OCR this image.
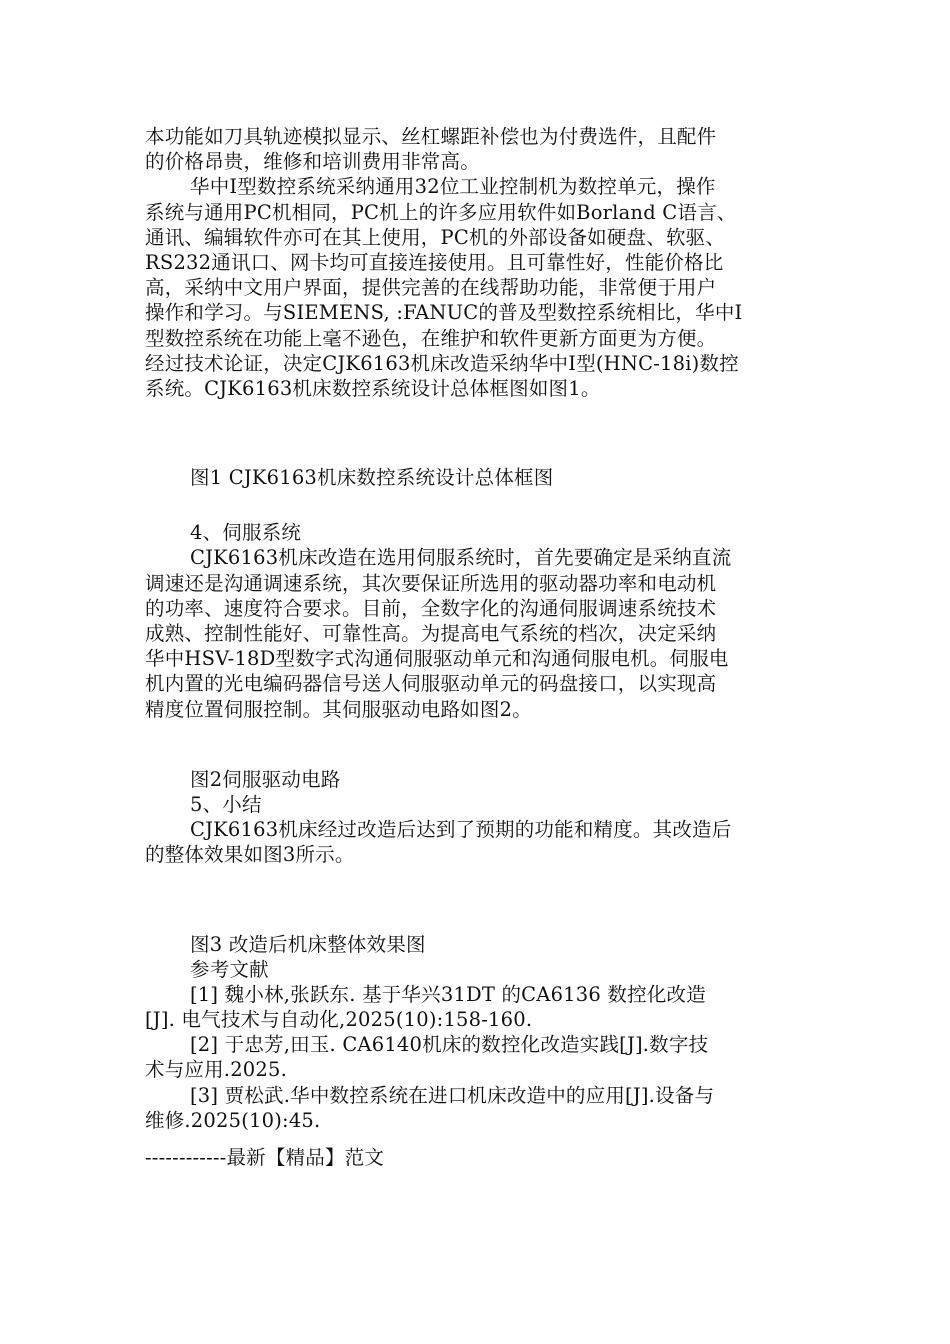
本功能如刀具轨迹模拟显示、丝杠螺距补偿也为付费选件，且配件
的价格昂贵，维修和培训费用非常高。
华中Ⅰ型数控系统采纳通用32位工业控制机为数控单元，操作
系统与通用PC机相同，PC机上的许多应用软件如Borland C语言、
通讯、编辑软件亦可在其上使用，PC机的外部设备如硬盘、软驱、
RS232通讯口、网卡均可直接连接使用。且可靠性好，性能价格比
高，采纳中文用户界面，提供完善的在线帮助功能，非常便于用户
操作和学习。与SIEMENS, :FANUC的普及型数控系统相比，华中Ⅰ
型数控系统在功能上毫不逊色，在维护和软件更新方面更为方便。
经过技术论证，决定CJK6163机床改造采纳华中Ⅰ型(HNC-18i)数控
系统。CJK6163机床数控系统设计总体框图如图1。
图1 CJK6163机床数控系统设计总体框图
4、伺服系统
CJK6163机床改造在选用伺服系统时，首先要确定是采纳直流
调速还是沟通调速系统，其次要保证所选用的驱动器功率和电动机
的功率、速度符合要求。目前，全数字化的沟通伺服调速系统技术
成熟、控制性能好、可靠性高。为提高电气系统的档次，决定采纳
华中HSV-18D型数字式沟通伺服驱动单元和沟通伺服电机。伺服电
机内置的光电编码器信号送人伺服驱动单元的码盘接口，以实现高
精度位置伺服控制。其伺服驱动电路如图2。
图2伺服驱动电路
5、小结
CJK6163机床经过改造后达到了预期的功能和精度。其改造后
的整体效果如图3所示。
图3 改造后机床整体效果图
参考文献
[1] 魏小林,张跃东. 基于华兴31DT 的CA6136 数控化改造
[J]. 电气技术与自动化,2025(10):158-160.
[2] 于忠芳,田玉. CA6140机床的数控化改造实践[J].数字技
术与应用.2025.
[3] 贾松武.华中数控系统在进口机床改造中的应用[J].设备与
维修.2025(10):45.
------------最新【精品】范文
